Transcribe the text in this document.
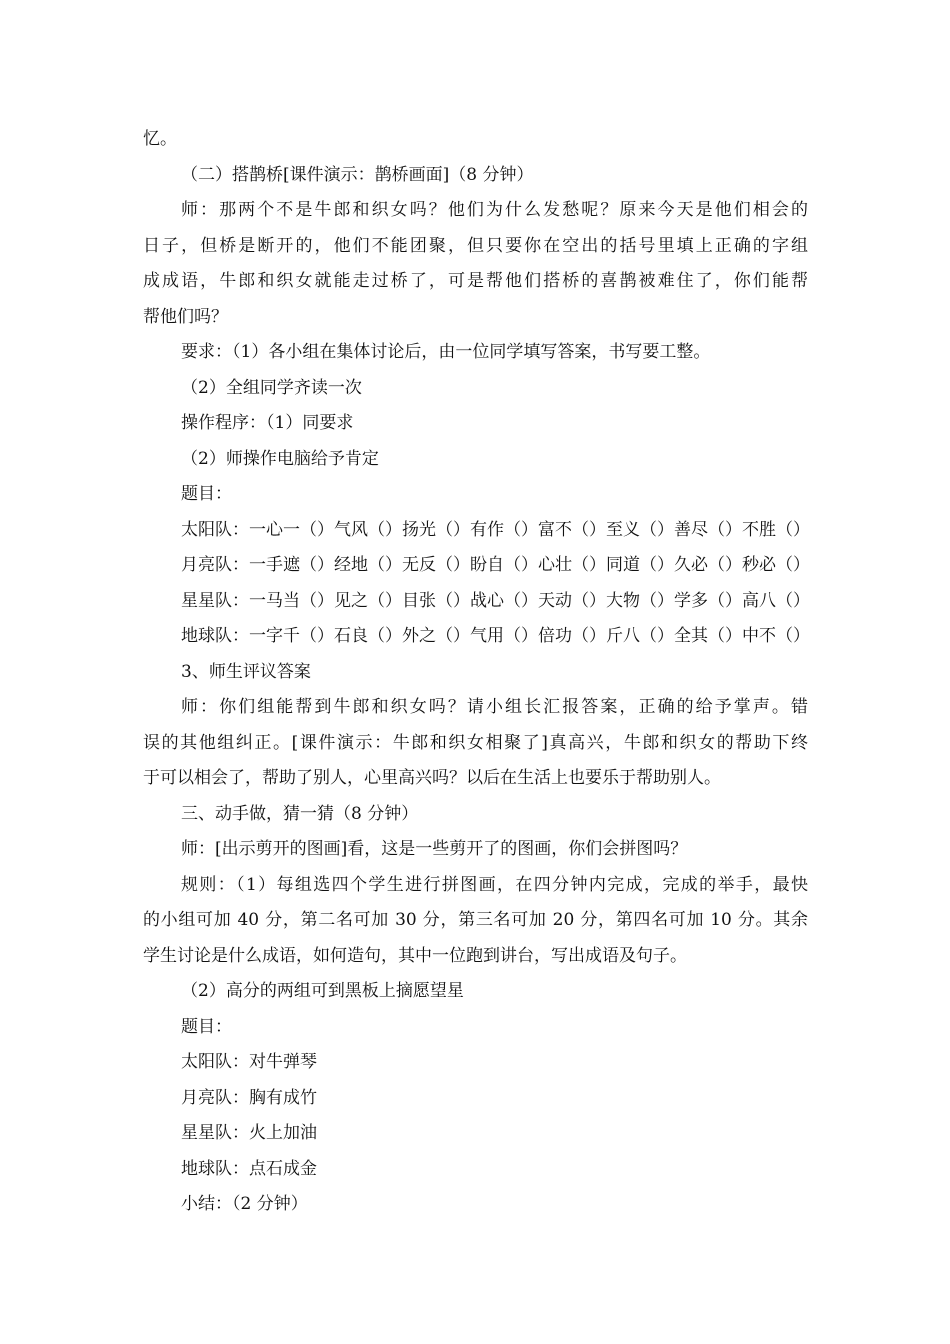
忆。
（二）搭鹊桥[课件演示：鹊桥画面]（8 分钟）
师：那两个不是牛郎和织女吗？他们为什么发愁呢？原来今天是他们相会的
日子，但桥是断开的，他们不能团聚，但只要你在空出的括号里填上正确的字组
成成语，牛郎和织女就能走过桥了，可是帮他们搭桥的喜鹊被难住了，你们能帮
帮他们吗？
要求：（1）各小组在集体讨论后，由一位同学填写答案，书写要工整。
（2）全组同学齐读一次
操作程序：（1）同要求
（2）师操作电脑给予肯定
题目：
太阳队：一心一（）气风（）扬光（）有作（）富不（）至义（）善尽（）不胜（）
月亮队：一手遮（）经地（）无反（）盼自（）心壮（）同道（）久必（）秒必（）
星星队：一马当（）见之（）目张（）战心（）天动（）大物（）学多（）高八（）
地球队：一字千（）石良（）外之（）气用（）倍功（）斤八（）全其（）中不（）
3、师生评议答案
师：你们组能帮到牛郎和织女吗？请小组长汇报答案，正确的给予掌声。错
误的其他组纠正。[课件演示：牛郎和织女相聚了]真高兴，牛郎和织女的帮助下终
于可以相会了，帮助了别人，心里高兴吗？以后在生活上也要乐于帮助别人。
三、动手做，猜一猜（8 分钟）
师：[出示剪开的图画]看，这是一些剪开了的图画，你们会拼图吗？
规则：（1）每组选四个学生进行拼图画，在四分钟内完成，完成的举手，最快
的小组可加 40 分，第二名可加 30 分，第三名可加 20 分，第四名可加 10 分。其余
学生讨论是什么成语，如何造句，其中一位跑到讲台，写出成语及句子。
（2）高分的两组可到黑板上摘愿望星
题目：
太阳队：对牛弹琴
月亮队：胸有成竹
星星队：火上加油
地球队：点石成金
小结：（2 分钟）
